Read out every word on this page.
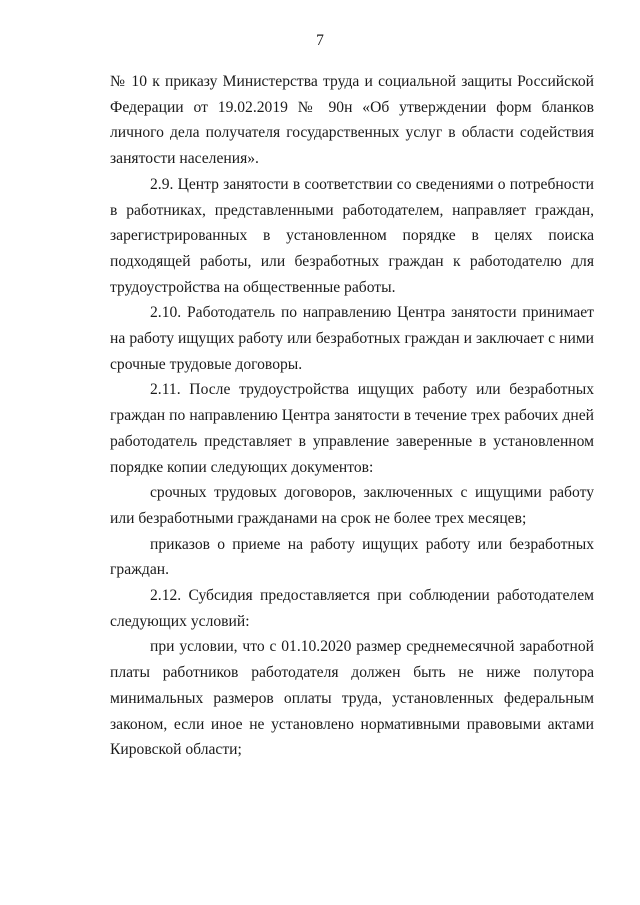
7

№ 10 к приказу Министерства труда и социальной защиты Российской Федерации от 19.02.2019 № 90н «Об утверждении форм бланков личного дела получателя государственных услуг в области содействия занятости населения».

2.9. Центр занятости в соответствии со сведениями о потребности в работниках, представленными работодателем, направляет граждан, зарегистрированных в установленном порядке в целях поиска подходящей работы, или безработных граждан к работодателю для трудоустройства на общественные работы.

2.10. Работодатель по направлению Центра занятости принимает на работу ищущих работу или безработных граждан и заключает с ними срочные трудовые договоры.

2.11. После трудоустройства ищущих работу или безработных граждан по направлению Центра занятости в течение трех рабочих дней работодатель представляет в управление заверенные в установленном порядке копии следующих документов:

срочных трудовых договоров, заключенных с ищущими работу или безработными гражданами на срок не более трех месяцев;

приказов о приеме на работу ищущих работу или безработных граждан.

2.12. Субсидия предоставляется при соблюдении работодателем следующих условий:

при условии, что с 01.10.2020 размер среднемесячной заработной платы работников работодателя должен быть не ниже полутора минимальных размеров оплаты труда, установленных федеральным законом, если иное не установлено нормативными правовыми актами Кировской области;
